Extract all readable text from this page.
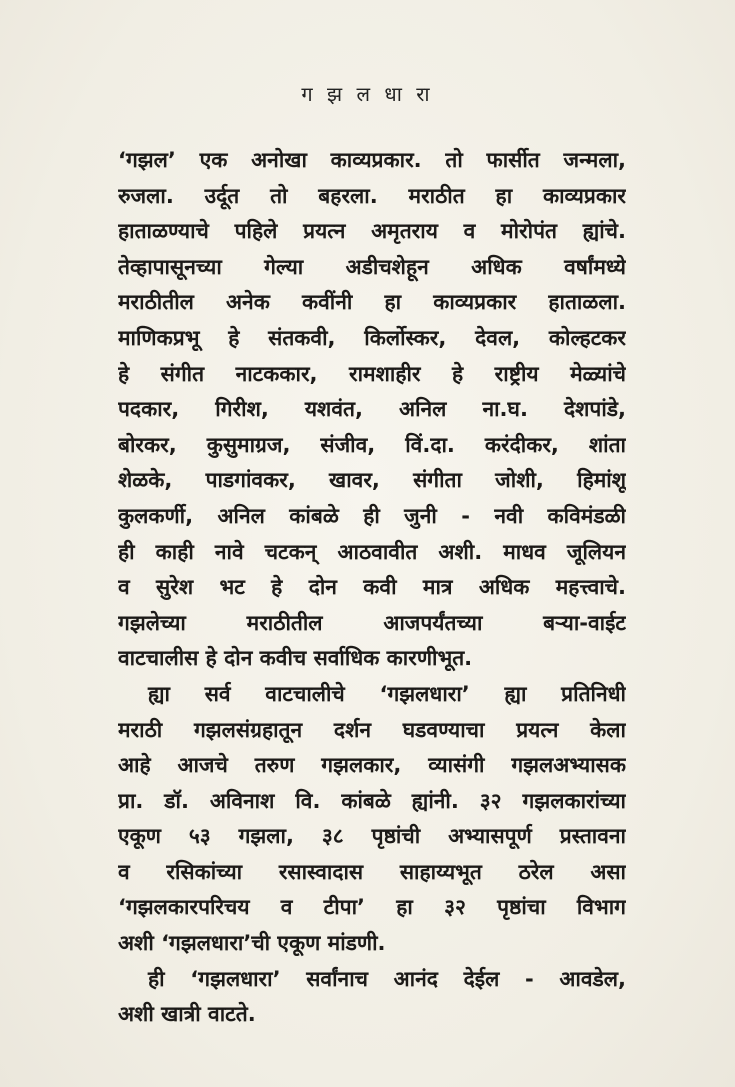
ग झ ल धा रा
‘गझल’ एक अनोखा काव्यप्रकार. तो फार्सीत जन्मला,
रुजला. उर्दूत तो बहरला. मराठीत हा काव्यप्रकार
हाताळण्याचे पहिले प्रयत्न अमृतराय व मोरोपंत ह्यांचे.
तेव्हापासूनच्या गेल्या अडीचशेहून अधिक वर्षांमध्ये
मराठीतील अनेक कवींनी हा काव्यप्रकार हाताळला.
माणिकप्रभू हे संतकवी, किर्लोस्कर, देवल, कोल्हटकर
हे संगीत नाटककार, रामशाहीर हे राष्ट्रीय मेळ्यांचे
पदकार, गिरीश, यशवंत, अनिल ना.घ. देशपांडे,
बोरकर, कुसुमाग्रज, संजीव, विं.दा. करंदीकर, शांता
शेळके, पाडगांवकर, खावर, संगीता जोशी, हिमांशू
कुलकर्णी, अनिल कांबळे ही जुनी - नवी कविमंडळी
ही काही नावे चटकन् आठवावीत अशी. माधव जूलियन
व सुरेश भट हे दोन कवी मात्र अधिक महत्त्वाचे.
गझलेच्या मराठीतील आजपर्यंतच्या बऱ्या-वाईट
वाटचालीस हे दोन कवीच सर्वाधिक कारणीभूत.
ह्या सर्व वाटचालीचे ‘गझलधारा’ ह्या प्रतिनिधी
मराठी गझलसंग्रहातून दर्शन घडवण्याचा प्रयत्न केला
आहे आजचे तरुण गझलकार, व्यासंगी गझलअभ्यासक
प्रा. डॉ. अविनाश वि. कांबळे ह्यांनी. ३२ गझलकारांच्या
एकूण ५३ गझला, ३८ पृष्ठांची अभ्यासपूर्ण प्रस्तावना
व रसिकांच्या रसास्वादास साहाय्यभूत ठरेल असा
‘गझलकारपरिचय व टीपा’ हा ३२ पृष्ठांचा विभाग
अशी ‘गझलधारा’ची एकूण मांडणी.
ही ‘गझलधारा’ सर्वांनाच आनंद देईल - आवडेल,
अशी खात्री वाटते.
